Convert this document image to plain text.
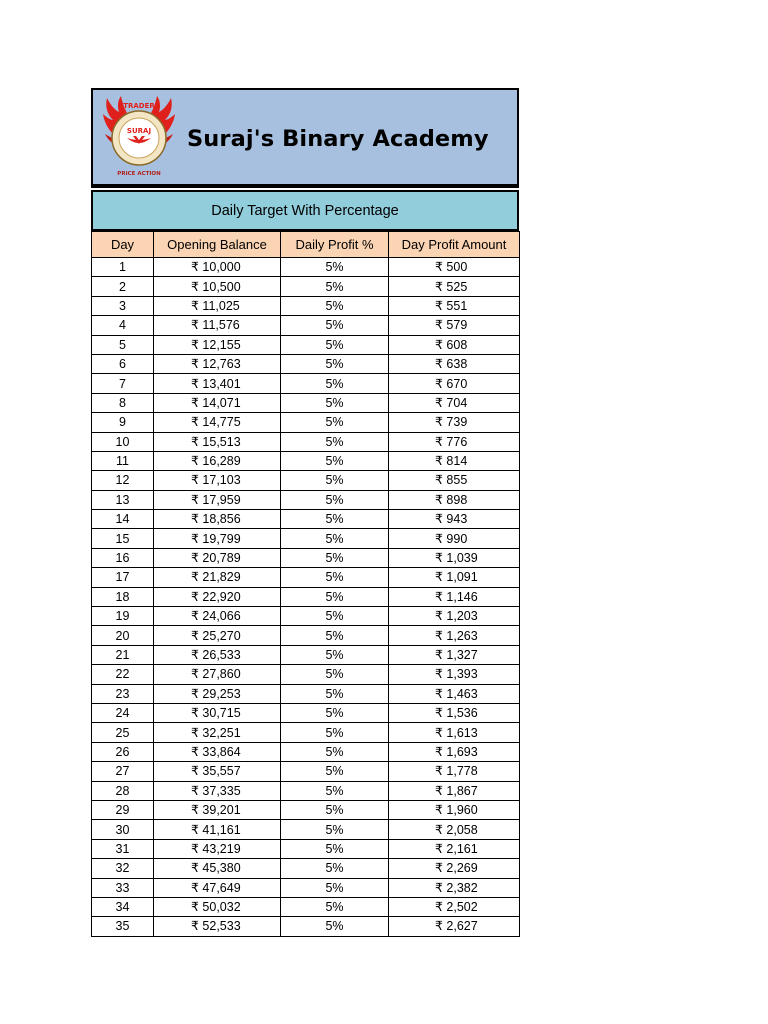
TRADER
SURAJ
PRICE ACTION
Suraj's Binary Academy
Daily Target With Percentage
Day	Opening Balance	Daily Profit %	Day Profit Amount
1	₹ 10,000	5%	₹ 500
2	₹ 10,500	5%	₹ 525
3	₹ 11,025	5%	₹ 551
4	₹ 11,576	5%	₹ 579
5	₹ 12,155	5%	₹ 608
6	₹ 12,763	5%	₹ 638
7	₹ 13,401	5%	₹ 670
8	₹ 14,071	5%	₹ 704
9	₹ 14,775	5%	₹ 739
10	₹ 15,513	5%	₹ 776
11	₹ 16,289	5%	₹ 814
12	₹ 17,103	5%	₹ 855
13	₹ 17,959	5%	₹ 898
14	₹ 18,856	5%	₹ 943
15	₹ 19,799	5%	₹ 990
16	₹ 20,789	5%	₹ 1,039
17	₹ 21,829	5%	₹ 1,091
18	₹ 22,920	5%	₹ 1,146
19	₹ 24,066	5%	₹ 1,203
20	₹ 25,270	5%	₹ 1,263
21	₹ 26,533	5%	₹ 1,327
22	₹ 27,860	5%	₹ 1,393
23	₹ 29,253	5%	₹ 1,463
24	₹ 30,715	5%	₹ 1,536
25	₹ 32,251	5%	₹ 1,613
26	₹ 33,864	5%	₹ 1,693
27	₹ 35,557	5%	₹ 1,778
28	₹ 37,335	5%	₹ 1,867
29	₹ 39,201	5%	₹ 1,960
30	₹ 41,161	5%	₹ 2,058
31	₹ 43,219	5%	₹ 2,161
32	₹ 45,380	5%	₹ 2,269
33	₹ 47,649	5%	₹ 2,382
34	₹ 50,032	5%	₹ 2,502
35	₹ 52,533	5%	₹ 2,627
